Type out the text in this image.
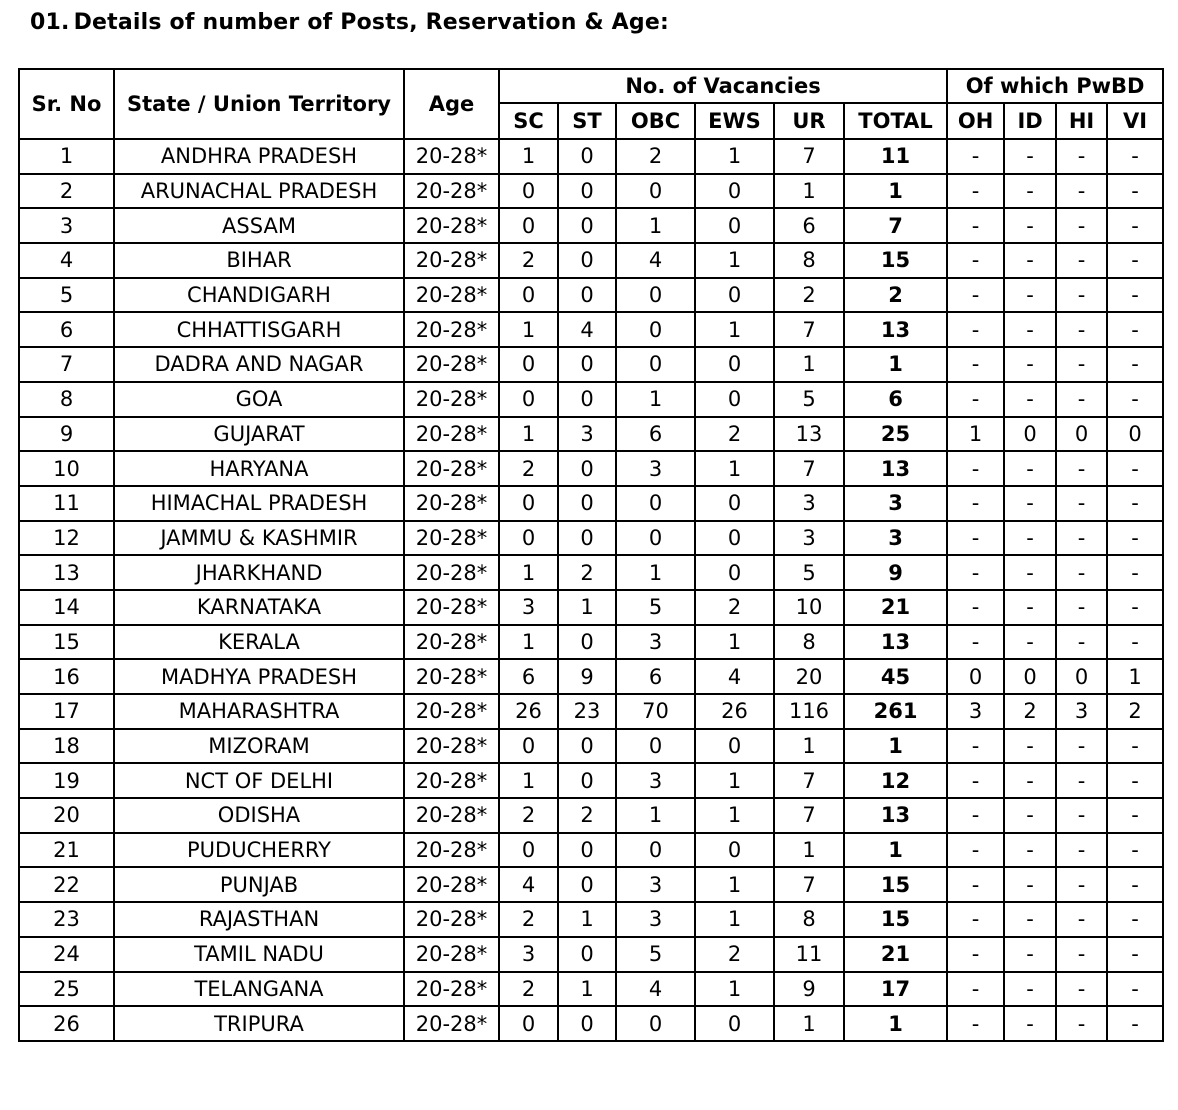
01. Details of number of Posts, Reservation & Age:
Sr. No	State / Union Territory	Age	No. of Vacancies						Of which PwBD			
			SC	ST	OBC	EWS	UR	TOTAL	OH	ID	HI	VI
1	ANDHRA PRADESH	20-28*	1	0	2	1	7	11	-	-	-	-
2	ARUNACHAL PRADESH	20-28*	0	0	0	0	1	1	-	-	-	-
3	ASSAM	20-28*	0	0	1	0	6	7	-	-	-	-
4	BIHAR	20-28*	2	0	4	1	8	15	-	-	-	-
5	CHANDIGARH	20-28*	0	0	0	0	2	2	-	-	-	-
6	CHHATTISGARH	20-28*	1	4	0	1	7	13	-	-	-	-
7	DADRA AND NAGAR	20-28*	0	0	0	0	1	1	-	-	-	-
8	GOA	20-28*	0	0	1	0	5	6	-	-	-	-
9	GUJARAT	20-28*	1	3	6	2	13	25	1	0	0	0
10	HARYANA	20-28*	2	0	3	1	7	13	-	-	-	-
11	HIMACHAL PRADESH	20-28*	0	0	0	0	3	3	-	-	-	-
12	JAMMU & KASHMIR	20-28*	0	0	0	0	3	3	-	-	-	-
13	JHARKHAND	20-28*	1	2	1	0	5	9	-	-	-	-
14	KARNATAKA	20-28*	3	1	5	2	10	21	-	-	-	-
15	KERALA	20-28*	1	0	3	1	8	13	-	-	-	-
16	MADHYA PRADESH	20-28*	6	9	6	4	20	45	0	0	0	1
17	MAHARASHTRA	20-28*	26	23	70	26	116	261	3	2	3	2
18	MIZORAM	20-28*	0	0	0	0	1	1	-	-	-	-
19	NCT OF DELHI	20-28*	1	0	3	1	7	12	-	-	-	-
20	ODISHA	20-28*	2	2	1	1	7	13	-	-	-	-
21	PUDUCHERRY	20-28*	0	0	0	0	1	1	-	-	-	-
22	PUNJAB	20-28*	4	0	3	1	7	15	-	-	-	-
23	RAJASTHAN	20-28*	2	1	3	1	8	15	-	-	-	-
24	TAMIL NADU	20-28*	3	0	5	2	11	21	-	-	-	-
25	TELANGANA	20-28*	2	1	4	1	9	17	-	-	-	-
26	TRIPURA	20-28*	0	0	0	0	1	1	-	-	-	-
